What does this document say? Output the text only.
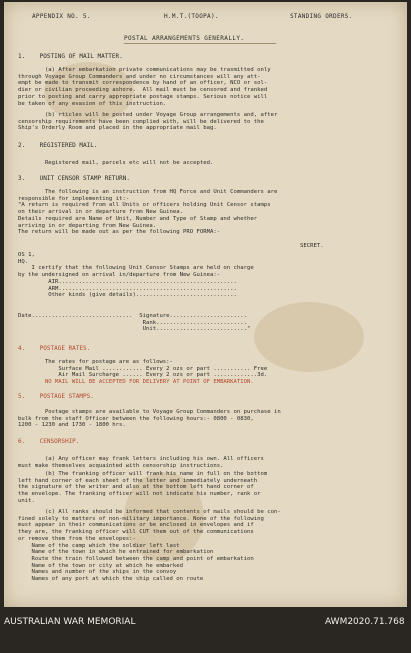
APPENDIX NO. 5.	H.M.T.(TOOPA).	STANDING ORDERS.
POSTAL ARRANGEMENTS GENERALLY.
1.    POSTING OF MAIL MATTER.
(a) After embarkation private communications may be trasmitted only
through Voyage Group Commanders and under no circumstances will any att-
empt be made to transmit correspondence by hand of an officer, NCO or sol-
dier or civilian proceeding ashore.  All mail must be censored and franked
prior to posting and carry appropriate postage stamps. Serious notice will
be taken of any evasion of this instruction.
(b) rticles will be posted under Voyage Group arrangements and, after
censorship requirements have been complied with, will be delivered to the
Ship's Orderly Room and placed in the appropriate mail bag.
2.    REGISTERED MAIL.
Registered mail, parcels etc will not be accepted.
3.    UNIT CENSOR STAMP RETURN.
The following is an instruction from HQ Force and Unit Commanders are
responsible for implementing it:-
"A return is required from all Units or officers holding Unit Censor stamps
on their arrival in or departure from New Guinea.
Details required are Name of Unit, Number and Type of Stamp and whether
arriving in or departing from New Guinea.
The return will be made out as per the following PRO FORMA:-
SECRET.
OS 1,
HQ.
I certify that the following Unit Censor Stamps are held on charge
by the undersigned on arrival in/departure from New Guinea:-
AIR.....................................................
ARM.....................................................
Other kinds (give details)..............................
Date..............................  Signature.......................
Rank...........................
Unit..........................."
4.    POSTAGE RATES.
The rates for postage are as follows:-
Surface Mail ............ Every 2 ozs or part ........... Free
Air Mail Surcharge ...... Every 2 ozs or part .............3d.
NO MAIL WILL BE ACCEPTED FOR DELIVERY AT POINT OF EMBARKATION.
5.    POSTAGE STAMPS.
Postage stamps are available to Voyage Group Commanders on purchase in
bulk from the staff Officer between the following hours:- 0800 - 0830,
1200 - 1230 and 1730 - 1800 hrs.
6.    CENSORSHIP.
(a) Any officer may frank letters including his own. All officers
must make themselves acquainted with censorship instructions.
(b) The franking officer will frank his name in full on the bottom
left hand corner of each sheet of the letter and immediately underneath
the signature of the writer and also at the bottom left hand corner of
the envelope. The franking officer will not indicate his number, rank or
unit.
(c) All ranks should be informed that contents of mails should be con-
fined solely to matters of non-military importance. None of the following
must appear in their communications or be enclosed in envelopes and if
they are, the franking officer will CUT them out of the communications
or remove them from the envelopes:-
Name of the camp which the soldier left last
Name of the town in which he entrained for embarkation
Route the train followed between the camp and point of embarkation
Name of the town or city at which he embarked
Names and number of the ships in the convoy
Names of any port at which the ship called on route
AUSTRALIAN WAR MEMORIAL	AWM2020.71.768
